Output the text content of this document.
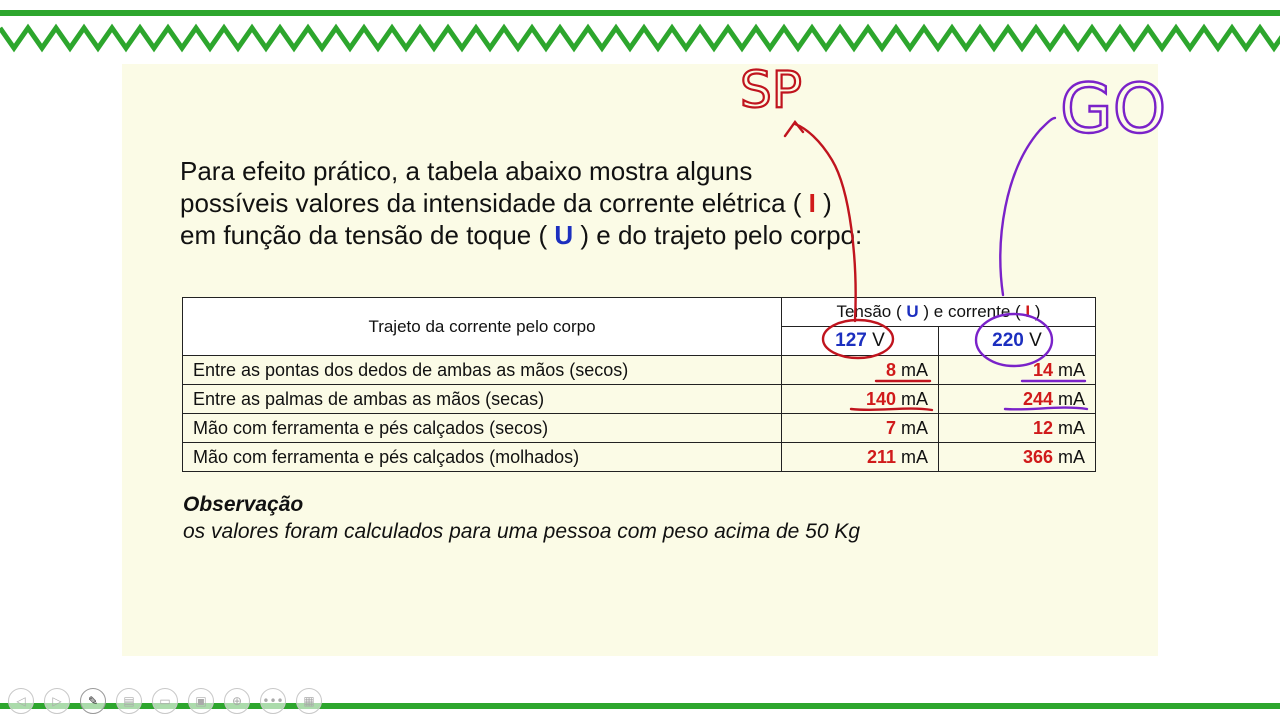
Para efeito prático, a tabela abaixo mostra alguns
possíveis valores da intensidade da corrente elétrica ( I )
em função da tensão de toque ( U ) e do trajeto pelo corpo:
Trajeto da corrente pelo corpo	Tensão ( U ) e corrente ( I )	
	127 V	220 V
Entre as pontas dos dedos de ambas as mãos (secos)	8 mA	14 mA
Entre as palmas de ambas as mãos (secas)	140 mA	244 mA
Mão com ferramenta e pés calçados (secos)	7 mA	12 mA
Mão com ferramenta e pés calçados (molhados)	211 mA	366 mA
Observação
os valores foram calculados para uma pessoa com peso acima de 50 Kg
SP	GO
◁ ▷ ✎ ▤ ▭ ▣ ⊕ ••• ▦
